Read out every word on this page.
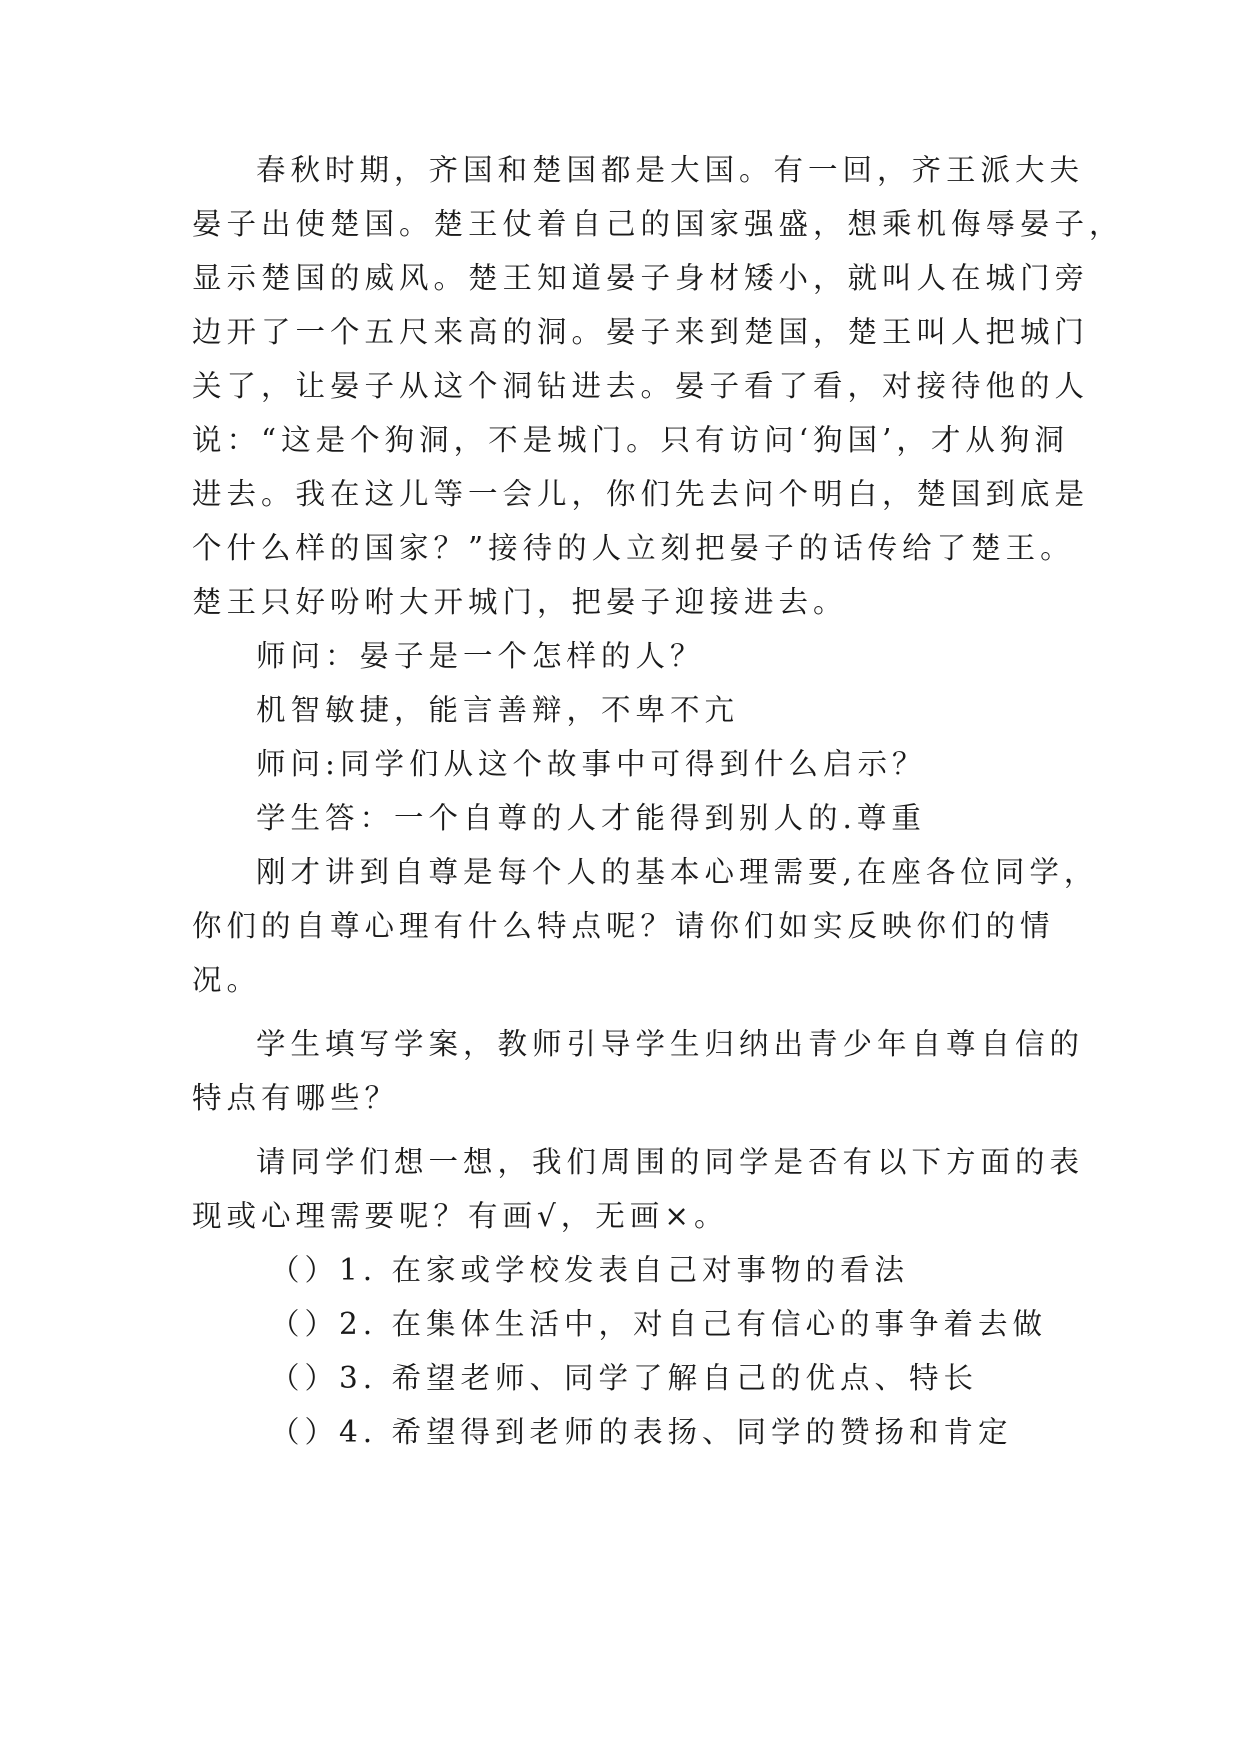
春秋时期，齐国和楚国都是大国。有一回，齐王派大夫
晏子出使楚国。楚王仗着自己的国家强盛，想乘机侮辱晏子，
显示楚国的威风。楚王知道晏子身材矮小，就叫人在城门旁
边开了一个五尺来高的洞。晏子来到楚国，楚王叫人把城门
关了，让晏子从这个洞钻进去。晏子看了看，对接待他的人
说：“这是个狗洞，不是城门。只有访问‘狗国’，才从狗洞
进去。我在这儿等一会儿，你们先去问个明白，楚国到底是
个什么样的国家？”接待的人立刻把晏子的话传给了楚王。
楚王只好吩咐大开城门，把晏子迎接进去。
师问：晏子是一个怎样的人？
机智敏捷，能言善辩，不卑不亢
师问:同学们从这个故事中可得到什么启示？
学生答：一个自尊的人才能得到别人的.尊重
刚才讲到自尊是每个人的基本心理需要,在座各位同学，
你们的自尊心理有什么特点呢？请你们如实反映你们的情
况。
学生填写学案，教师引导学生归纳出青少年自尊自信的
特点有哪些？
请同学们想一想，我们周围的同学是否有以下方面的表
现或心理需要呢？有画√，无画×。
（）1. 在家或学校发表自己对事物的看法
（）2. 在集体生活中，对自己有信心的事争着去做
（）3. 希望老师、同学了解自己的优点、特长
（）4. 希望得到老师的表扬、同学的赞扬和肯定
